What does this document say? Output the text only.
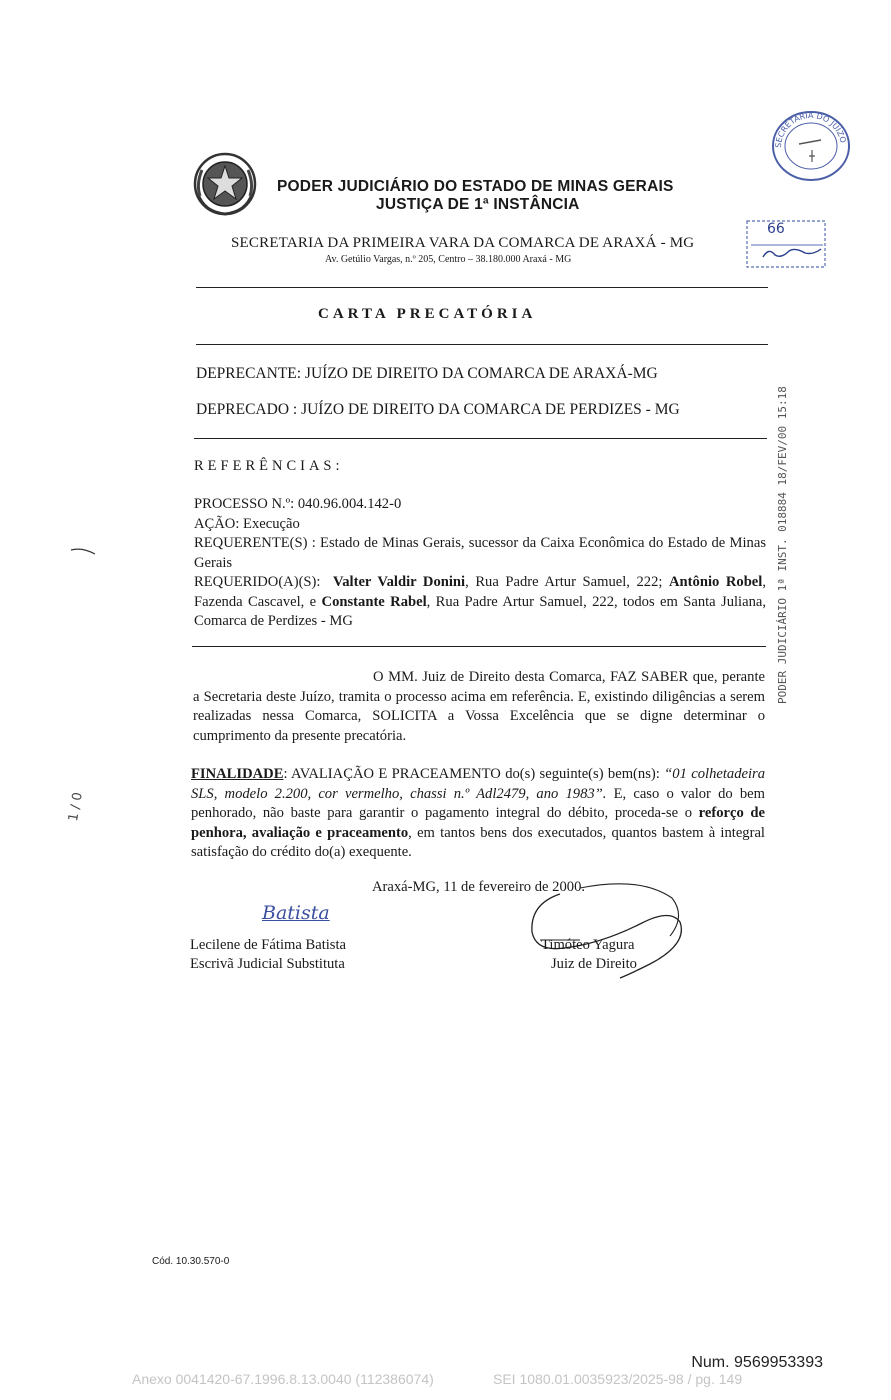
PODER JUDICIÁRIO DO ESTADO DE MINAS GERAIS
JUSTIÇA DE 1ª INSTÂNCIA
SECRETARIA DA PRIMEIRA VARA DA COMARCA DE ARAXÁ - MG
Av. Getúlio Vargas, n.º 205, Centro – 38.180.000 Araxá - MG
SECRETARIA DO JUÍZO
66
CARTA PRECATÓRIA
DEPRECANTE: JUÍZO DE DIREITO DA COMARCA DE ARAXÁ-MG
DEPRECADO : JUÍZO DE DIREITO DA COMARCA DE PERDIZES - MG
REFERÊNCIAS:
PROCESSO N.º: 040.96.004.142-0
AÇÃO: Execução
REQUERENTE(S) : Estado de Minas Gerais, sucessor da Caixa Econômica do Estado de Minas Gerais
REQUERIDO(A)(S): Valter Valdir Donini, Rua Padre Artur Samuel, 222; Antônio Robel, Fazenda Cascavel, e Constante Rabel, Rua Padre Artur Samuel, 222, todos em Santa Juliana, Comarca de Perdizes - MG
O MM. Juiz de Direito desta Comarca, FAZ SABER que, perante a Secretaria deste Juízo, tramita o processo acima em referência. E, existindo diligências a serem realizadas nessa Comarca, SOLICITA a Vossa Excelência que se digne determinar o cumprimento da presente precatória.
FINALIDADE: AVALIAÇÃO E PRACEAMENTO do(s) seguinte(s) bem(ns): “01 colhetadeira SLS, modelo 2.200, cor vermelho, chassi n.º Adl2479, ano 1983”. E, caso o valor do bem penhorado, não baste para garantir o pagamento integral do débito, proceda-se o reforço de penhora, avaliação e praceamento, em tantos bens dos executados, quantos bastem à integral satisfação do crédito do(a) exequente.
Araxá-MG, 11 de fevereiro de 2000.
Batista
Lecilene de Fátima Batista
Escrivã Judicial Substituta
Timóteo Yagura
Juiz de Direito
PODER JUDICIÁRIO 1ª INST. 018884 18/FEV/00 15:18
1 / 0
Cód. 10.30.570-0
Num. 9569953393
Anexo 0041420-67.1996.8.13.0040 (112386074)	SEI 1080.01.0035923/2025-98 / pg. 149
